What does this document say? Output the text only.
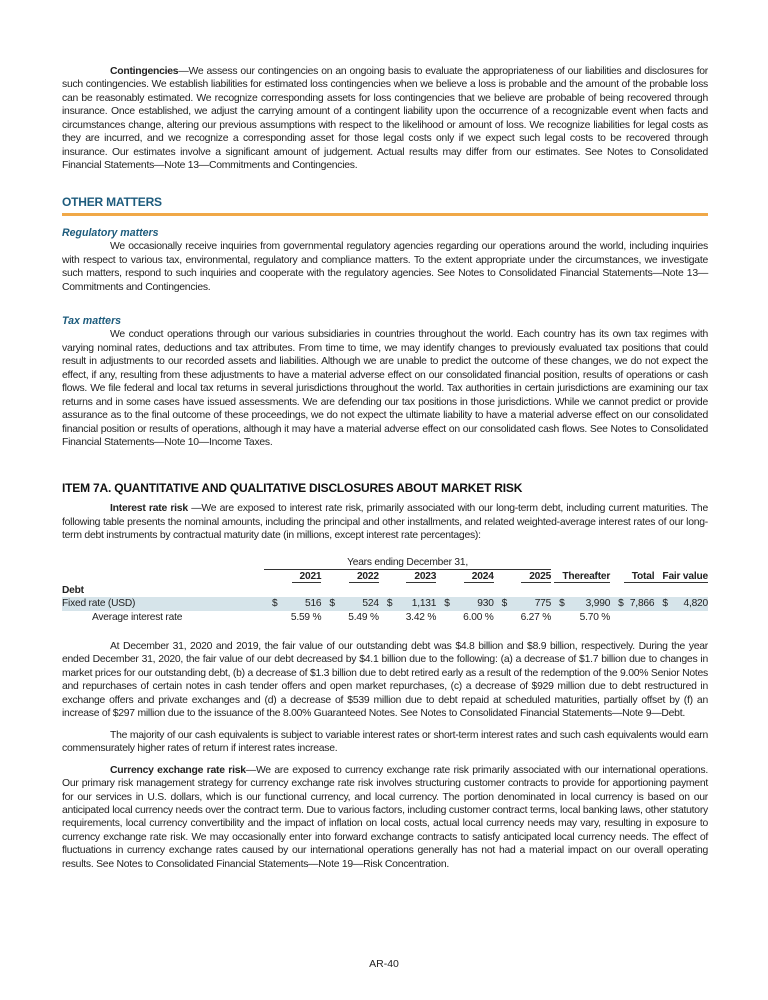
Contingencies—We assess our contingencies on an ongoing basis to evaluate the appropriateness of our liabilities and disclosures for such contingencies. We establish liabilities for estimated loss contingencies when we believe a loss is probable and the amount of the probable loss can be reasonably estimated. We recognize corresponding assets for loss contingencies that we believe are probable of being recovered through insurance. Once established, we adjust the carrying amount of a contingent liability upon the occurrence of a recognizable event when facts and circumstances change, altering our previous assumptions with respect to the likelihood or amount of loss. We recognize liabilities for legal costs as they are incurred, and we recognize a corresponding asset for those legal costs only if we expect such legal costs to be recovered through insurance. Our estimates involve a significant amount of judgement. Actual results may differ from our estimates. See Notes to Consolidated Financial Statements—Note 13—Commitments and Contingencies.

OTHER MATTERS
Regulatory matters

We occasionally receive inquiries from governmental regulatory agencies regarding our operations around the world, including inquiries with respect to various tax, environmental, regulatory and compliance matters. To the extent appropriate under the circumstances, we investigate such matters, respond to such inquiries and cooperate with the regulatory agencies. See Notes to Consolidated Financial Statements—Note 13—Commitments and Contingencies.

Tax matters

We conduct operations through our various subsidiaries in countries throughout the world. Each country has its own tax regimes with varying nominal rates, deductions and tax attributes. From time to time, we may identify changes to previously evaluated tax positions that could result in adjustments to our recorded assets and liabilities. Although we are unable to predict the outcome of these changes, we do not expect the effect, if any, resulting from these adjustments to have a material adverse effect on our consolidated financial position, results of operations or cash flows. We file federal and local tax returns in several jurisdictions throughout the world. Tax authorities in certain jurisdictions are examining our tax returns and in some cases have issued assessments. We are defending our tax positions in those jurisdictions. While we cannot predict or provide assurance as to the final outcome of these proceedings, we do not expect the ultimate liability to have a material adverse effect on our consolidated financial position or results of operations, although it may have a material adverse effect on our consolidated cash flows. See Notes to Consolidated Financial Statements—Note 10—Income Taxes.

ITEM 7A. QUANTITATIVE AND QUALITATIVE DISCLOSURES ABOUT MARKET RISK

Interest rate risk —We are exposed to interest rate risk, primarily associated with our long-term debt, including current maturities. The following table presents the nominal amounts, including the principal and other installments, and related weighted-average interest rates of our long-term debt instruments by contractual maturity date (in millions, except interest rate percentages):

	Years ending December 31,							
	2021	2022	2023	2024	2025	Thereafter	Total	Fair value
Debt								
Fixed rate (USD)	$ 516	$ 524	$ 1,131	$ 930	$ 775	$ 3,990	$ 7,866	$ 4,820
Average interest rate	5.59 %	5.49 %	3.42 %	6.00 %	6.27 %	5.70 %		

At December 31, 2020 and 2019, the fair value of our outstanding debt was $4.8 billion and $8.9 billion, respectively. During the year ended December 31, 2020, the fair value of our debt decreased by $4.1 billion due to the following: (a) a decrease of $1.7 billion due to changes in market prices for our outstanding debt, (b) a decrease of $1.3 billion due to debt retired early as a result of the redemption of the 9.00% Senior Notes and repurchases of certain notes in cash tender offers and open market repurchases, (c) a decrease of $929 million due to debt restructured in exchange offers and private exchanges and (d) a decrease of $539 million due to debt repaid at scheduled maturities, partially offset by (f) an increase of $297 million due to the issuance of the 8.00% Guaranteed Notes. See Notes to Consolidated Financial Statements—Note 9—Debt.

The majority of our cash equivalents is subject to variable interest rates or short-term interest rates and such cash equivalents would earn commensurately higher rates of return if interest rates increase.

Currency exchange rate risk—We are exposed to currency exchange rate risk primarily associated with our international operations. Our primary risk management strategy for currency exchange rate risk involves structuring customer contracts to provide for apportioning payment for our services in U.S. dollars, which is our functional currency, and local currency. The portion denominated in local currency is based on our anticipated local currency needs over the contract term. Due to various factors, including customer contract terms, local banking laws, other statutory requirements, local currency convertibility and the impact of inflation on local costs, actual local currency needs may vary, resulting in exposure to currency exchange rate risk. We may occasionally enter into forward exchange contracts to satisfy anticipated local currency needs. The effect of fluctuations in currency exchange rates caused by our international operations generally has not had a material impact on our overall operating results. See Notes to Consolidated Financial Statements—Note 19—Risk Concentration.

AR-40
